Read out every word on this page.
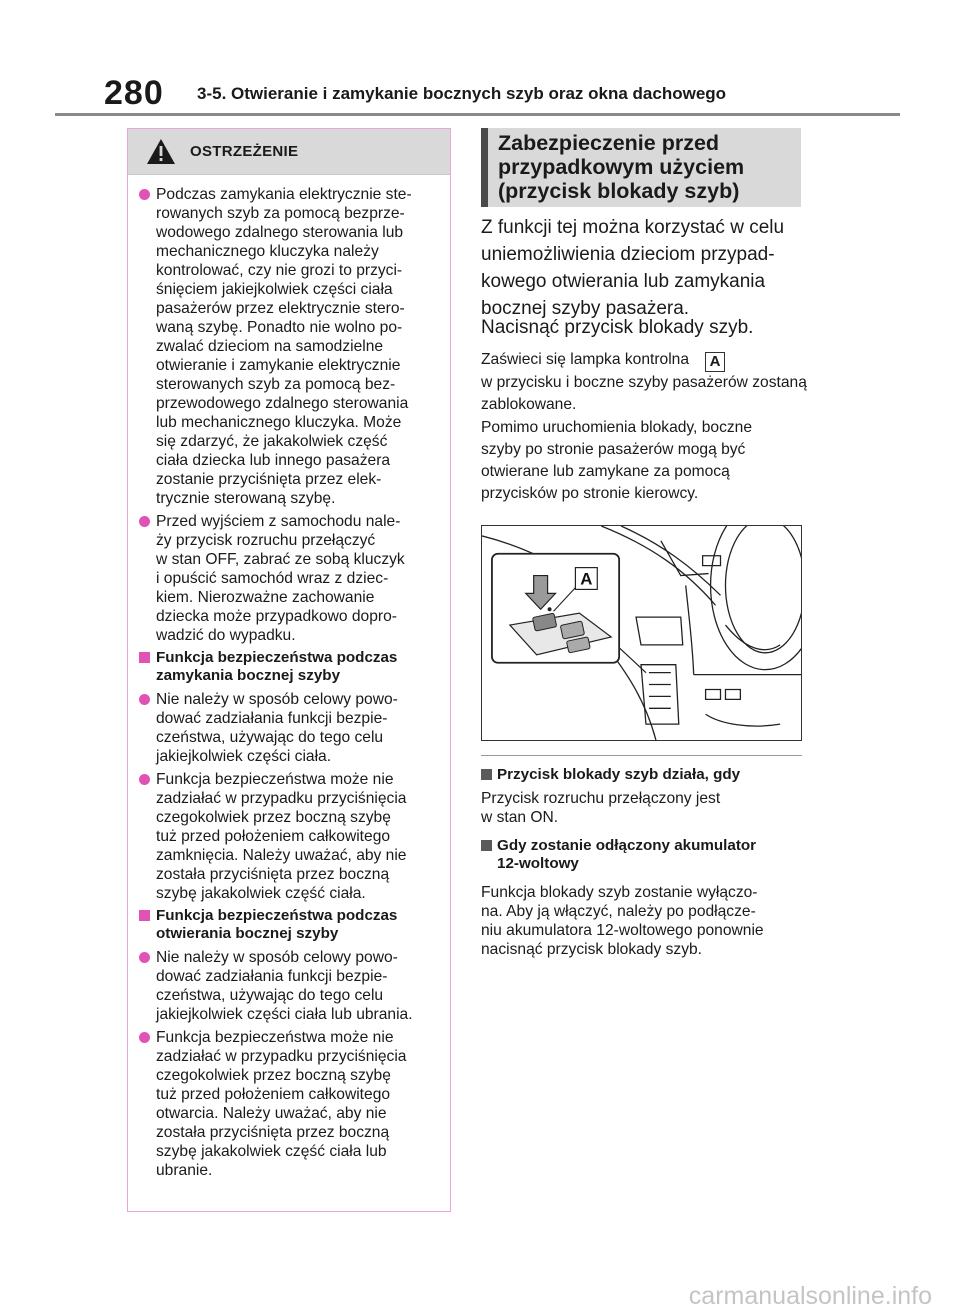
280 3-5. Otwieranie i zamykanie bocznych szyb oraz okna dachowego
OSTRZEŻENIE
Podczas zamykania elektrycznie ste-
rowanych szyb za pomocą bezprze-
wodowego zdalnego sterowania lub
mechanicznego kluczyka należy
kontrolować, czy nie grozi to przyci-
śnięciem jakiejkolwiek części ciała
pasażerów przez elektrycznie stero-
waną szybę. Ponadto nie wolno po-
zwalać dzieciom na samodzielne
otwieranie i zamykanie elektrycznie
sterowanych szyb za pomocą bez-
przewodowego zdalnego sterowania
lub mechanicznego kluczyka. Może
się zdarzyć, że jakakolwiek część
ciała dziecka lub innego pasażera
zostanie przyciśnięta przez elek-
trycznie sterowaną szybę.
Przed wyjściem z samochodu nale-
ży przycisk rozruchu przełączyć
w stan OFF, zabrać ze sobą kluczyk
i opuścić samochód wraz z dziec-
kiem. Nierozważne zachowanie
dziecka może przypadkowo dopro-
wadzić do wypadku.
Funkcja bezpieczeństwa podczas
zamykania bocznej szyby
Nie należy w sposób celowy powo-
dować zadziałania funkcji bezpie-
czeństwa, używając do tego celu
jakiejkolwiek części ciała.
Funkcja bezpieczeństwa może nie
zadziałać w przypadku przyciśnięcia
czegokolwiek przez boczną szybę
tuż przed położeniem całkowitego
zamknięcia. Należy uważać, aby nie
została przyciśnięta przez boczną
szybę jakakolwiek część ciała.
Funkcja bezpieczeństwa podczas
otwierania bocznej szyby
Nie należy w sposób celowy powo-
dować zadziałania funkcji bezpie-
czeństwa, używając do tego celu
jakiejkolwiek części ciała lub ubrania.
Funkcja bezpieczeństwa może nie
zadziałać w przypadku przyciśnięcia
czegokolwiek przez boczną szybę
tuż przed położeniem całkowitego
otwarcia. Należy uważać, aby nie
została przyciśnięta przez boczną
szybę jakakolwiek część ciała lub
ubranie.
Zabezpieczenie przed
przypadkowym użyciem
(przycisk blokady szyb)
Z funkcji tej można korzystać w celu
uniemożliwienia dzieciom przypad-
kowego otwierania lub zamykania
bocznej szyby pasażera.
Nacisnąć przycisk blokady szyb.
Zaświeci się lampka kontrolna A
w przycisku i boczne szyby pasażerów zostaną zablokowane.
Pomimo uruchomienia blokady, boczne
szyby po stronie pasażerów mogą być
otwierane lub zamykane za pomocą
przycisków po stronie kierowcy.
A
Przycisk blokady szyb działa, gdy
Przycisk rozruchu przełączony jest
w stan ON.
Gdy zostanie odłączony akumulator
12-woltowy
Funkcja blokady szyb zostanie wyłączo-
na. Aby ją włączyć, należy po podłącze-
niu akumulatora 12-woltowego ponownie
nacisnąć przycisk blokady szyb.
carmanualsonline.info
